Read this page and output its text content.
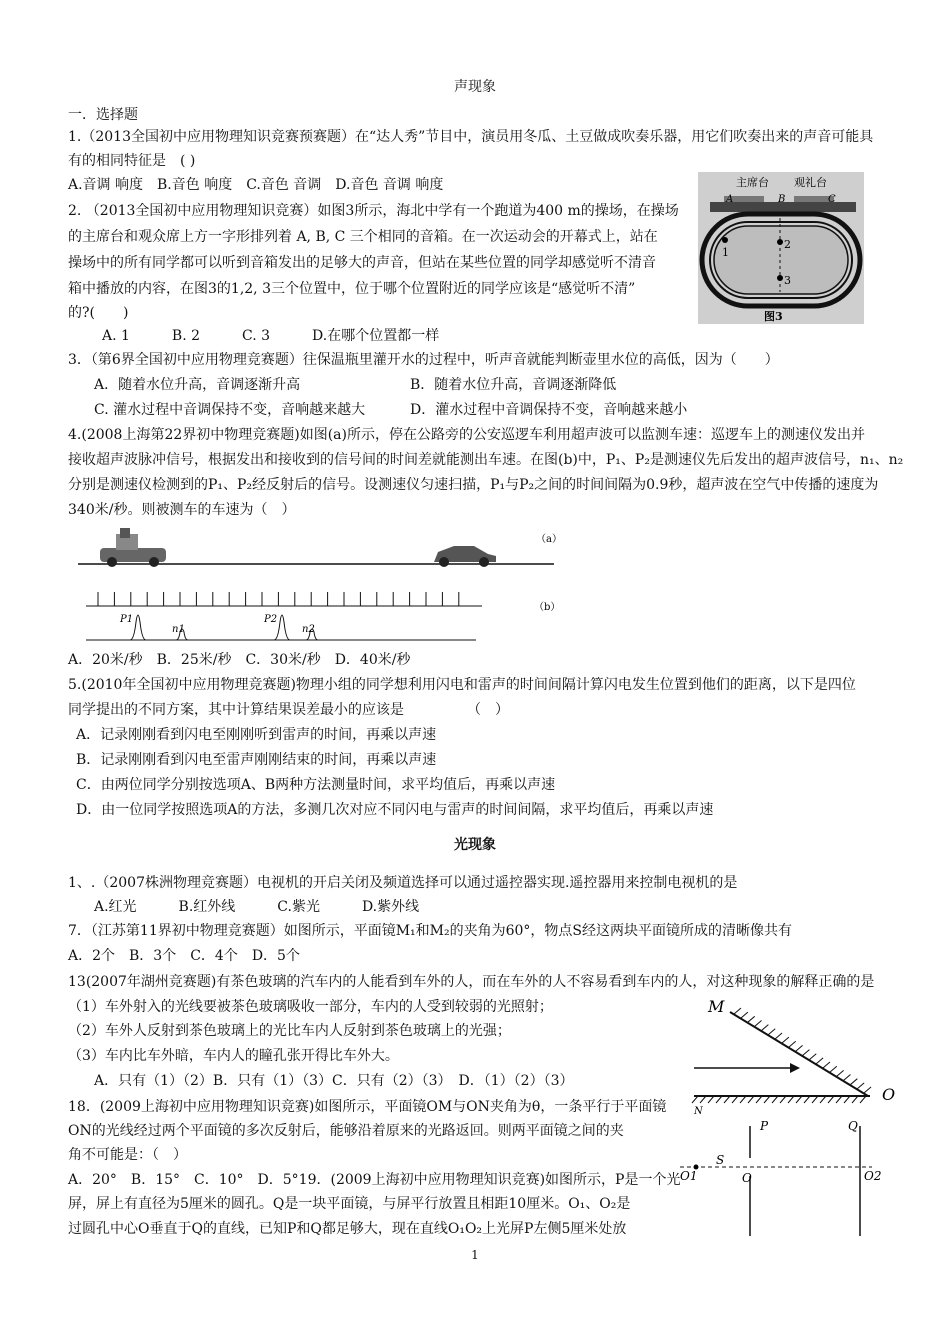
声现象
一．选择题
1.（2013全国初中应用物理知识竞赛预赛题）在“达人秀”节目中，演员用冬瓜、土豆做成吹奏乐器，用它们吹奏出来的声音可能具
有的相同特征是　( )
A.音调 响度　B.音色 响度　C.音色 音调　D.音色 音调 响度
2. （2013全国初中应用物理知识竞赛）如图3所示，海北中学有一个跑道为400 m的操场，在操场
的主席台和观众席上方一字形排列着 A, B, C 三个相同的音箱。在一次运动会的开幕式上，站在
操场中的所有同学都可以听到音箱发出的足够大的声音，但站在某些位置的同学却感觉听不清音
箱中播放的内容，在图3的1,2, 3三个位置中，位于哪个位置附近的同学应该是“感觉听不清”
的?(　　)
A. 1　　　B. 2　　　C. 3　　　D.在哪个位置都一样
3．（第6界全国初中应用物理竞赛题）往保温瓶里灌开水的过程中，听声音就能判断壶里水位的高低，因为（　　）
A．随着水位升高，音调逐渐升高	B．随着水位升高，音调逐渐降低
C. 灌水过程中音调保持不变，音响越来越大	D．灌水过程中音调保持不变，音响越来越小
4.(2008上海第22界初中物理竞赛题)如图(a)所示，停在公路旁的公安巡逻车利用超声波可以监测车速：巡逻车上的测速仪发出并
接收超声波脉冲信号，根据发出和接收到的信号间的时间差就能测出车速。在图(b)中，P₁、P₂是测速仪先后发出的超声波信号，n₁、n₂
分别是测速仪检测到的P₁、P₂经反射后的信号。设测速仪匀速扫描，P₁与P₂之间的时间间隔为0.9秒，超声波在空气中传播的速度为
340米/秒。则被测车的车速为（　）
A．20米/秒　B．25米/秒　C．30米/秒　D．40米/秒
5.(2010年全国初中应用物理竞赛题)物理小组的同学想利用闪电和雷声的时间间隔计算闪电发生位置到他们的距离，以下是四位
同学提出的不同方案，其中计算结果误差最小的应该是　　　　　（　）
A．记录刚刚看到闪电至刚刚听到雷声的时间，再乘以声速
B．记录刚刚看到闪电至雷声刚刚结束的时间，再乘以声速
C．由两位同学分别按选项A、B两种方法测量时间，求平均值后，再乘以声速
D．由一位同学按照选项A的方法，多测几次对应不同闪电与雷声的时间间隔，求平均值后，再乘以声速
光现象
1、.（2007株洲物理竞赛题）电视机的开启关闭及频道选择可以通过遥控器实现.遥控器用来控制电视机的是
A.红光　　　B.红外线　　　C.紫光　　　D.紫外线
7．（江苏第11界初中物理竞赛题）如图所示，平面镜M₁和M₂的夹角为60°，物点S经这两块平面镜所成的清晰像共有
A．2个　B．3个　C．4个　D．5个
13(2007年湖州竞赛题)有茶色玻璃的汽车内的人能看到车外的人，而在车外的人不容易看到车内的人，对这种现象的解释正确的是
（1）车外射入的光线要被茶色玻璃吸收一部分，车内的人受到较弱的光照射；
（2）车外人反射到茶色玻璃上的光比车内人反射到茶色玻璃上的光强；
（3）车内比车外暗，车内人的瞳孔张开得比车外大。
A．只有（1）（2）B．只有（1）（3）C．只有（2）（3）　D．（1）（2）（3）
18．(2009上海初中应用物理知识竞赛)如图所示，平面镜OM与ON夹角为θ，一条平行于平面镜
ON的光线经过两个平面镜的多次反射后，能够沿着原来的光路返回。则两平面镜之间的夹
角不可能是：（　）
A．20°　B．15°　C．10°　D．5°19．(2009上海初中应用物理知识竞赛)如图所示，P是一个光
屏，屏上有直径为5厘米的圆孔。Q是一块平面镜，与屏平行放置且相距10厘米。O₁、O₂是
过圆孔中心O垂直于Q的直线，已知P和Q都足够大，现在直线O₁O₂上光屏P左侧5厘米处放
1
主席台 观礼台
A	B	C
1
2
3
图3
（a）
（b）
P1
n1
P2
n2
M
O
N
P	Q
S
O
O1	O2
